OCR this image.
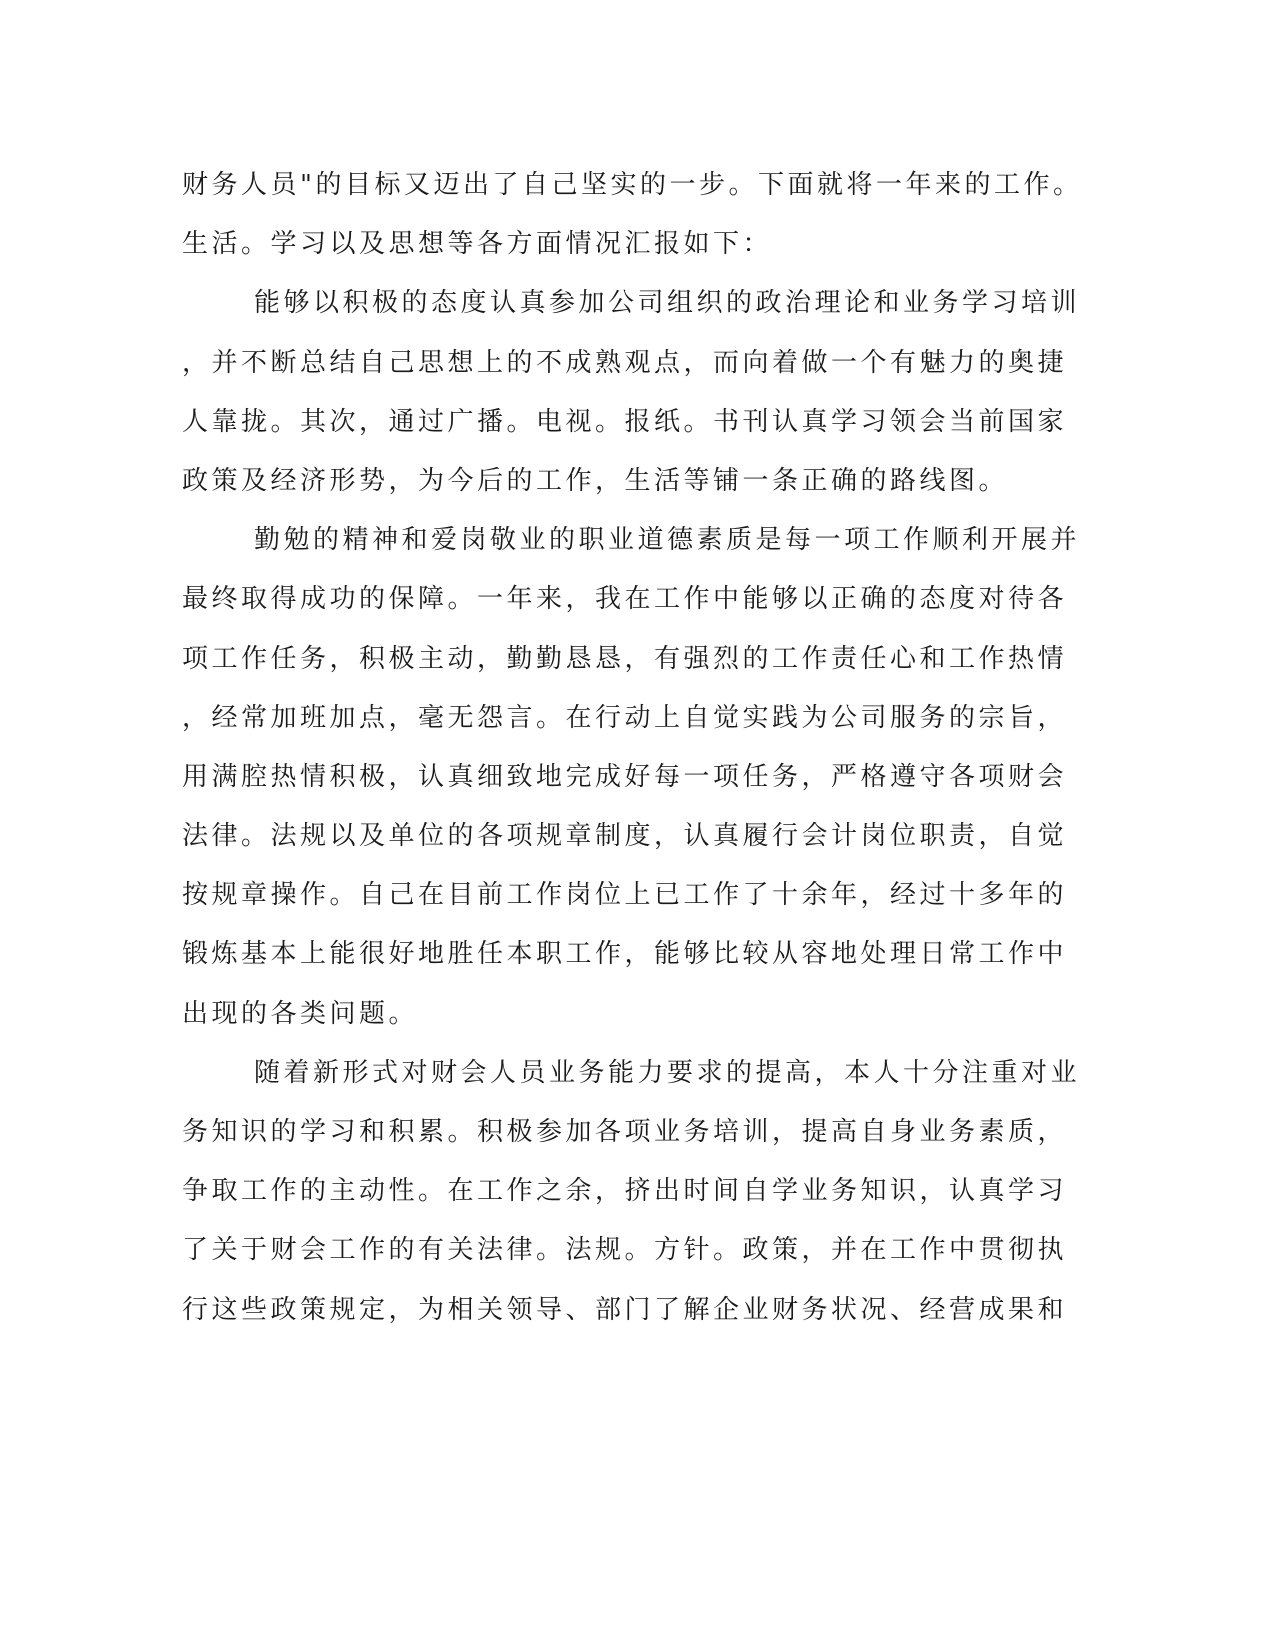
财务人员"的目标又迈出了自己坚实的一步。下面就将一年来的工作。
生活。学习以及思想等各方面情况汇报如下：
能够以积极的态度认真参加公司组织的政治理论和业务学习培训
，并不断总结自己思想上的不成熟观点，而向着做一个有魅力的奥捷
人靠拢。其次，通过广播。电视。报纸。书刊认真学习领会当前国家
政策及经济形势，为今后的工作，生活等铺一条正确的路线图。
勤勉的精神和爱岗敬业的职业道德素质是每一项工作顺利开展并
最终取得成功的保障。一年来，我在工作中能够以正确的态度对待各
项工作任务，积极主动，勤勤恳恳，有强烈的工作责任心和工作热情
，经常加班加点，毫无怨言。在行动上自觉实践为公司服务的宗旨，
用满腔热情积极，认真细致地完成好每一项任务，严格遵守各项财会
法律。法规以及单位的各项规章制度，认真履行会计岗位职责，自觉
按规章操作。自己在目前工作岗位上已工作了十余年，经过十多年的
锻炼基本上能很好地胜任本职工作，能够比较从容地处理日常工作中
出现的各类问题。
随着新形式对财会人员业务能力要求的提高，本人十分注重对业
务知识的学习和积累。积极参加各项业务培训，提高自身业务素质，
争取工作的主动性。在工作之余，挤出时间自学业务知识，认真学习
了关于财会工作的有关法律。法规。方针。政策，并在工作中贯彻执
行这些政策规定，为相关领导、部门了解企业财务状况、经营成果和
